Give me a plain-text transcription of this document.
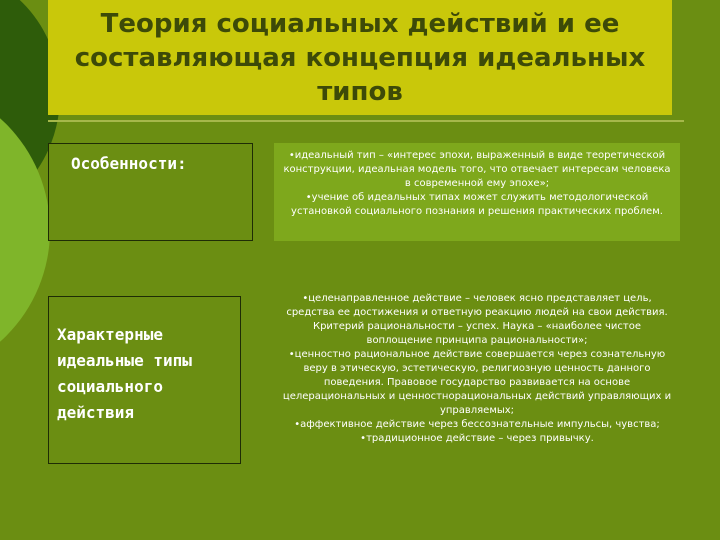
Теория социальных действий и ее составляющая концепция идеальных типов
Особенности:	•идеальный тип – «интерес эпохи, выраженный в виде теоретической конструкции, идеальная модель того, что отвечает интересам человека в современной ему эпохе»;
•учение об идеальных типах может служить методологической установкой социального познания и решения практических проблем.
Характерные идеальные типы социального действия
•целенаправленное действие – человек ясно представляет цель, средства ее достижения и ответную реакцию людей на свои действия. Критерий рациональности – успех. Наука – «наиболее чистое воплощение принципа рациональности»;
•ценностно рациональное действие совершается через сознательную веру в этическую, эстетическую, религиозную ценность данного поведения. Правовое государство развивается на основе целерациональных и ценностнорациональных действий управляющих и управляемых;
•аффективное действие через бессознательные импульсы, чувства;
•традиционное действие – через привычку.
